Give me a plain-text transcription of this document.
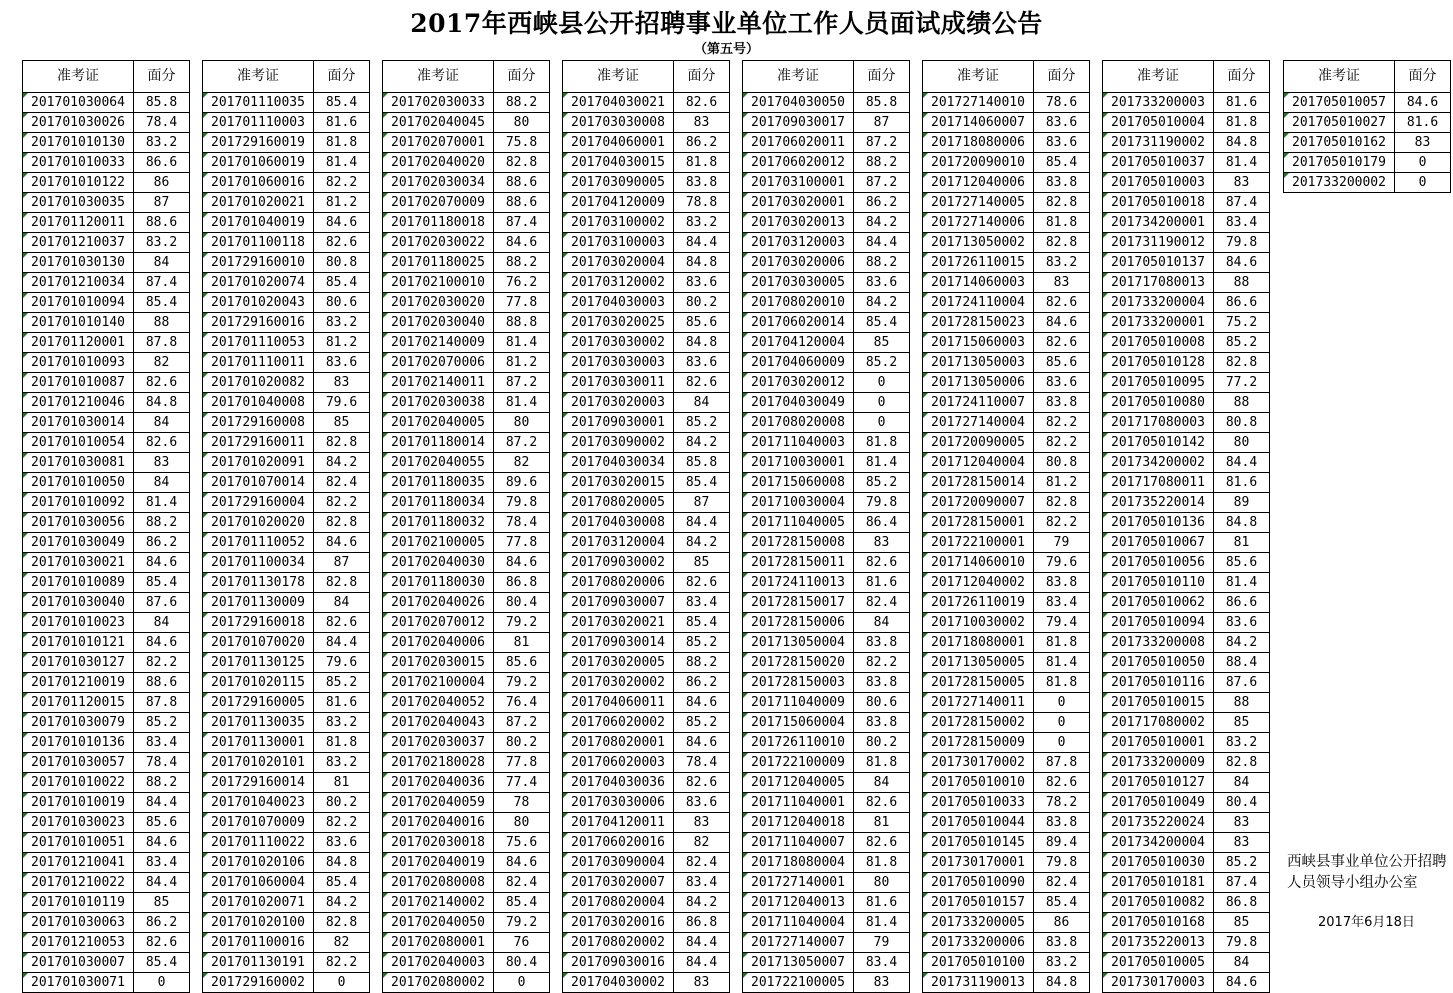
2017年西峡县公开招聘事业单位工作人员面试成绩公告
（第五号）
准考证	面分
201701030064	85.8
201701030026	78.4
201701010130	83.2
201701010033	86.6
201701010122	86
201701030035	87
201701120011	88.6
201701210037	83.2
201701030130	84
201701210034	87.4
201701010094	85.4
201701010140	88
201701120001	87.8
201701010093	82
201701010087	82.6
201701210046	84.8
201701030014	84
201701010054	82.6
201701030081	83
201701010050	84
201701010092	81.4
201701030056	88.2
201701030049	86.2
201701030021	84.6
201701010089	85.4
201701030040	87.6
201701010023	84
201701010121	84.6
201701030127	82.2
201701210019	88.6
201701120015	87.8
201701030079	85.2
201701010136	83.4
201701030057	78.4
201701010022	88.2
201701010019	84.4
201701030023	85.6
201701010051	84.6
201701210041	83.4
201701210022	84.4
201701010119	85
201701030063	86.2
201701210053	82.6
201701030007	85.4
201701030071	0
准考证	面分
201701110035	85.4
201701110003	81.6
201729160019	81.8
201701060019	81.4
201701060016	82.2
201701020021	81.2
201701040019	84.6
201701100118	82.6
201729160010	80.8
201701020074	85.4
201701020043	80.6
201729160016	83.2
201701110053	81.2
201701110011	83.6
201701020082	83
201701040008	79.6
201729160008	85
201729160011	82.8
201701020091	84.2
201701070014	82.4
201729160004	82.2
201701020020	82.8
201701110052	84.6
201701100034	87
201701130178	82.8
201701130009	84
201729160018	82.6
201701070020	84.4
201701130125	79.6
201701020115	85.2
201729160005	81.6
201701130035	83.2
201701130001	81.8
201701020101	83.2
201729160014	81
201701040023	80.2
201701070009	82.2
201701110022	83.6
201701020106	84.8
201701060004	85.4
201701020071	84.2
201701020100	82.8
201701100016	82
201701130191	82.2
201729160002	0
准考证	面分
201702030033	88.2
201702040045	80
201702070001	75.8
201702040020	82.8
201702030034	88.6
201702070009	88.6
201701180018	87.4
201702030022	84.6
201701180025	88.2
201702100010	76.2
201702030020	77.8
201702030040	88.8
201702140009	81.4
201702070006	81.2
201702140011	87.2
201702030038	81.4
201702040005	80
201701180014	87.2
201702040055	82
201701180035	89.6
201701180034	79.8
201701180032	78.4
201702100005	77.8
201702040030	84.6
201701180030	86.8
201702040026	80.4
201702070012	79.2
201702040006	81
201702030015	85.6
201702100004	79.2
201702040052	76.4
201702040043	87.2
201702030037	80.2
201702180028	77.8
201702040036	77.4
201702040059	78
201702040016	80
201702030018	75.6
201702040019	84.6
201702080008	82.4
201702140002	85.4
201702040050	79.2
201702080001	76
201702040003	80.4
201702080002	0
准考证	面分
201704030021	82.6
201703030008	83
201704060001	86.2
201704030015	81.8
201703090005	83.8
201704120009	78.8
201703100002	83.2
201703100003	84.4
201703020004	84.8
201703120002	83.6
201704030003	80.2
201703020025	85.6
201703030002	84.8
201703030003	83.6
201703030011	82.6
201703020003	84
201709030001	85.2
201703090002	84.2
201704030034	85.8
201703020015	85.4
201708020005	87
201704030008	84.4
201703120004	84.2
201709030002	85
201708020006	82.6
201709030007	83.4
201703020021	85.4
201709030014	85.2
201703020005	88.2
201703020002	86.2
201704060011	84.6
201706020002	85.2
201708020001	84.6
201706020003	78.4
201704030036	82.6
201703030006	83.6
201704120011	83
201706020016	82
201703090004	82.4
201703020007	83.4
201708020004	84.2
201703020016	86.8
201708020002	84.4
201709030016	84.4
201704030002	83
准考证	面分
201704030050	85.8
201709030017	87
201706020011	87.2
201706020012	88.2
201703100001	87.2
201703020001	86.2
201703020013	84.2
201703120003	84.4
201703020006	88.2
201703030005	83.6
201708020010	84.2
201706020014	85.4
201704120004	85
201704060009	85.2
201703020012	0
201704030049	0
201708020008	0
201711040003	81.8
201710030001	81.4
201715060008	85.2
201710030004	79.8
201711040005	86.4
201728150008	83
201728150011	82.6
201724110013	81.6
201728150017	82.4
201728150006	84
201713050004	83.8
201728150020	82.2
201728150003	83.8
201711040009	80.6
201715060004	83.8
201726110010	80.2
201722100009	81.8
201712040005	84
201711040001	82.6
201712040018	81
201711040007	82.6
201718080004	81.8
201727140001	80
201712040013	81.6
201711040004	81.4
201727140007	79
201713050007	83.4
201722100005	83
准考证	面分
201727140010	78.6
201714060007	83.6
201718080006	83.6
201720090010	85.4
201712040006	83.8
201727140005	82.8
201727140006	81.8
201713050002	82.8
201726110015	83.2
201714060003	83
201724110004	82.6
201728150023	84.6
201715060003	82.6
201713050003	85.6
201713050006	83.6
201724110007	83.8
201727140004	82.2
201720090005	82.2
201712040004	80.8
201728150014	81.2
201720090007	82.8
201728150001	82.2
201722100001	79
201714060010	79.6
201712040002	83.8
201726110019	83.4
201710030002	79.4
201718080001	81.8
201713050005	81.4
201728150005	81.8
201727140011	0
201728150002	0
201728150009	0
201730170002	87.8
201705010010	82.6
201705010033	78.2
201705010044	83.8
201705010145	89.4
201730170001	79.8
201705010090	82.4
201705010157	85.4
201733200005	86
201733200006	83.8
201705010100	83.2
201731190013	84.8
准考证	面分
201733200003	81.6
201705010004	81.8
201731190002	84.8
201705010037	81.4
201705010003	83
201705010018	87.4
201734200001	83.4
201731190012	79.8
201705010137	84.6
201717080013	88
201733200004	86.6
201733200001	75.2
201705010008	85.2
201705010128	82.8
201705010095	77.2
201705010080	88
201717080003	80.8
201705010142	80
201734200002	84.4
201717080011	81.6
201735220014	89
201705010136	84.8
201705010067	81
201705010056	85.6
201705010110	81.4
201705010062	86.6
201705010094	83.6
201733200008	84.2
201705010050	88.4
201705010116	87.6
201705010015	88
201717080002	85
201705010001	83.2
201733200009	82.8
201705010127	84
201705010049	80.4
201735220024	83
201734200004	83
201705010030	85.2
201705010181	87.4
201705010082	86.8
201705010168	85
201735220013	79.8
201705010005	84
201730170003	84.6
准考证	面分
201705010057	84.6
201705010027	81.6
201705010162	83
201705010179	0
201733200002	0
西峡县事业单位公开招聘人员领导小组办公室
2017年6月18日
